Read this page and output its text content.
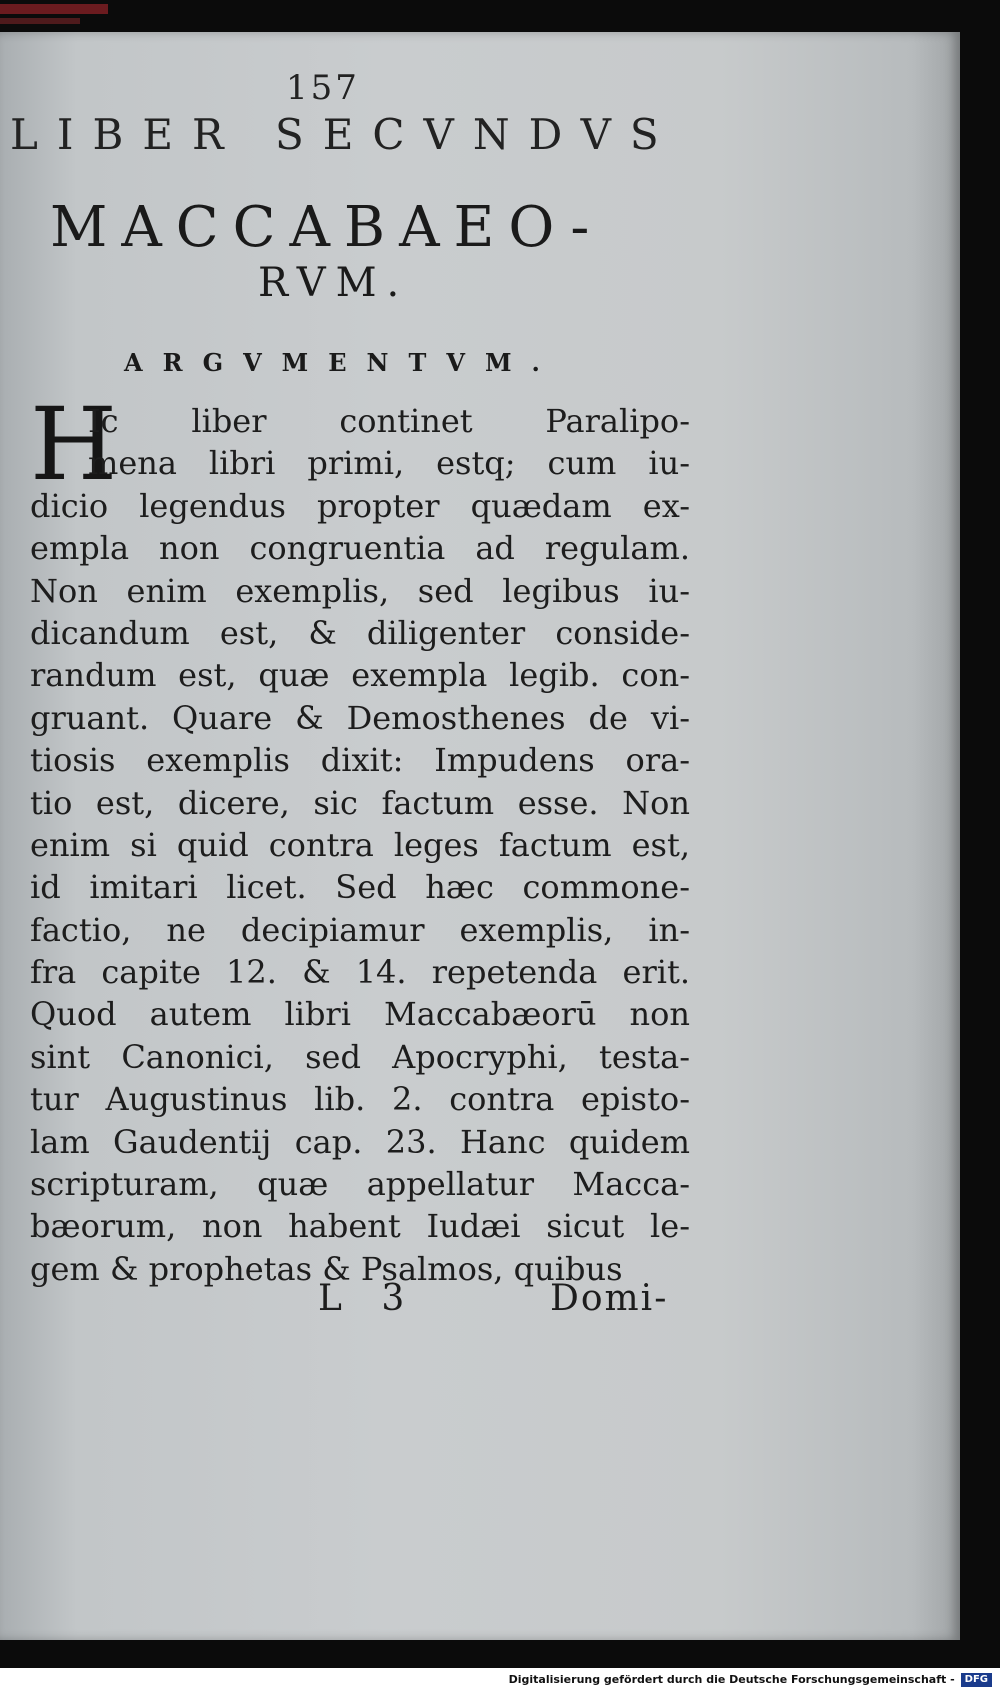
157
LIBER SECVNDVS
MACCABAEO-
RVM.
ARGVMENTVM.
H
Ic liber continet Paralipo-
mena libri primi, estq; cum iu-
dicio legendus propter quædam ex-
empla non congruentia ad regulam.
Non enim exemplis, sed legibus iu-
dicandum est, & diligenter conside-
randum est, quæ exempla legib. con-
gruant. Quare & Demosthenes de vi-
tiosis exemplis dixit: Impudens ora-
tio est, dicere, sic factum esse. Non
enim si quid contra leges factum est,
id imitari licet. Sed hæc commone-
factio, ne decipiamur exemplis, in-
fra capite 12. & 14. repetenda erit.
Quod autem libri Maccabæorū non
sint Canonici, sed Apocryphi, testa-
tur Augustinus lib. 2. contra episto-
lam Gaudentij cap. 23. Hanc quidem
scripturam, quæ appellatur Macca-
bæorum, non habent Iudæi sicut le-
gem & prophetas & Psalmos, quibus
L 3	Domi-
Digitalisierung gefördert durch die Deutsche Forschungsgemeinschaft - DFG
